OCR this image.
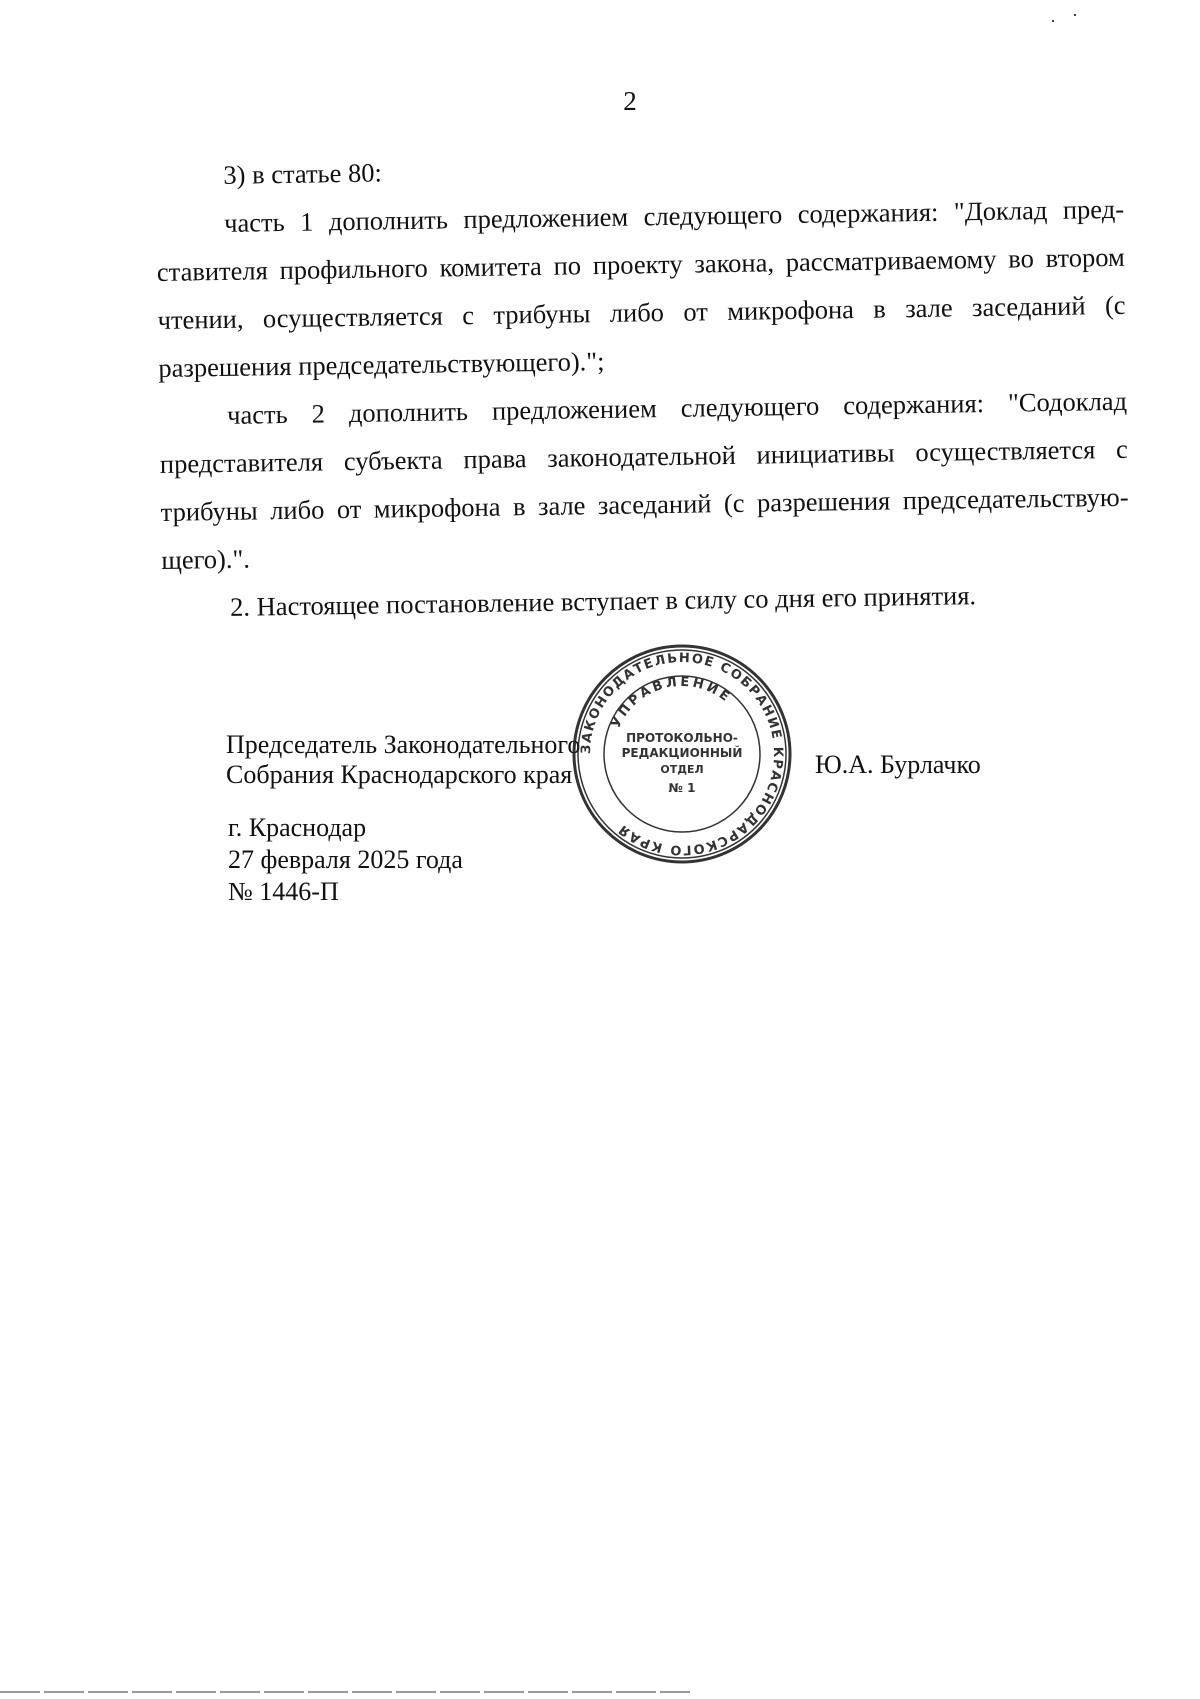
2

3) в статье 80:

часть 1 дополнить предложением следующего содержания: "Доклад представителя профильного комитета по проекту закона, рассматриваемому во втором чтении, осуществляется с трибуны либо от микрофона в зале заседаний (с разрешения председательствующего).";

часть 2 дополнить предложением следующего содержания: "Содоклад представителя субъекта права законодательной инициативы осуществляется с трибуны либо от микрофона в зале заседаний (с разрешения председательствующего).".

2. Настоящее постановление вступает в силу со дня его принятия.

Председатель Законодательного
Собрания Краснодарского края	Ю.А. Бурлачко
г. Краснодар
27 февраля 2025 года
№ 1446-П
ЗАКОНОДАТЕЛЬНОЕ СОБРАНИЕ КРАСНОДАРСКОГО КРАЯ
УПРАВЛЕНИЕ
ПРОТОКОЛЬНО-
РЕДАКЦИОННЫЙ
ОТДЕЛ
№ 1
